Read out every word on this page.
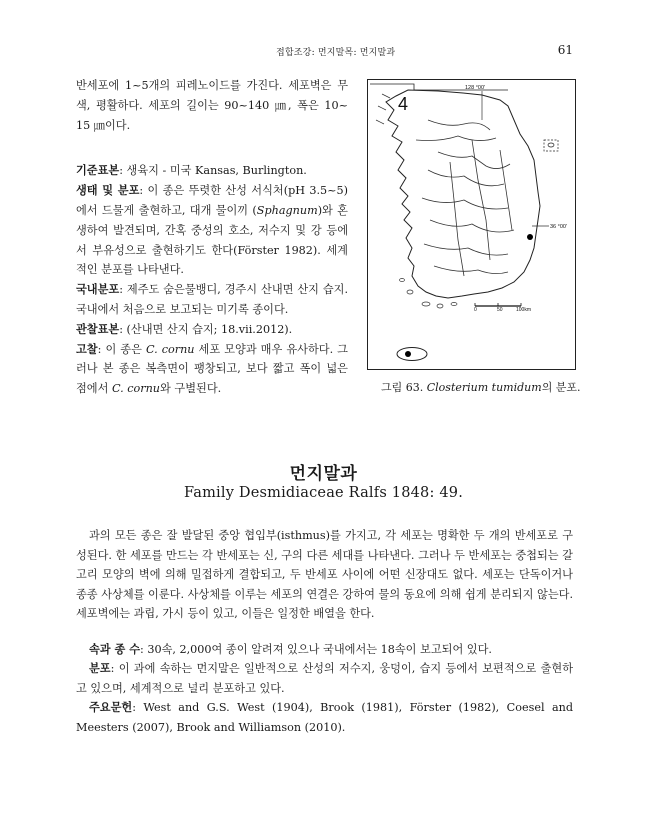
접합조강: 먼지말목: 먼지말과	61

반세포에 1~5개의 피레노이드를 가진다. 세포벽은 무색, 평활하다. 세포의 길이는 90~140 ㎛, 폭은 10~ 15 ㎛이다.

기준표본: 생육지 - 미국 Kansas, Burlington.

생태 및 분포: 이 종은 뚜렷한 산성 서식처(pH 3.5~5)에서 드물게 출현하고, 대개 물이끼 (Sphagnum)와 혼생하여 발견되며, 간혹 중성의 호소, 저수지 및 강 등에서 부유성으로 출현하기도 한다(Förster 1982). 세계적인 분포를 나타낸다.

국내분포: 제주도 숨은물뱅디, 경주시 산내면 산지 습지. 국내에서 처음으로 보고되는 미기록 종이다.

관찰표본: (산내면 산지 습지; 18.vii.2012).

고찰: 이 종은 C. cornu 세포 모양과 매우 유사하다. 그러나 본 종은 복측면이 팽창되고, 보다 짧고 폭이 넓은 점에서 C. cornu와 구별된다.

4
128 °00'
36 °00'
0	50	100km
그림 63. Closterium tumidum의 분포.
먼지말과
Family Desmidiaceae Ralfs 1848: 49.

과의 모든 종은 잘 발달된 중앙 협입부(isthmus)를 가지고, 각 세포는 명확한 두 개의 반세포로 구성된다. 한 세포를 만드는 각 반세포는 신, 구의 다른 세대를 나타낸다. 그러나 두 반세포는 중첩되는 갈고리 모양의 벽에 의해 밀접하게 결합되고, 두 반세포 사이에 어떤 신장대도 없다. 세포는 단독이거나 종종 사상체를 이룬다. 사상체를 이루는 세포의 연결은 강하여 물의 동요에 의해 쉽게 분리되지 않는다. 세포벽에는 과립, 가시 등이 있고, 이들은 일정한 배열을 한다.

속과 종 수: 30속, 2,000여 종이 알려져 있으나 국내에서는 18속이 보고되어 있다.

분포: 이 과에 속하는 먼지말은 일반적으로 산성의 저수지, 웅덩이, 습지 등에서 보편적으로 출현하고 있으며, 세계적으로 널리 분포하고 있다.

주요문헌: West and G.S. West (1904), Brook (1981), Förster (1982), Coesel and Meesters (2007), Brook and Williamson (2010).
